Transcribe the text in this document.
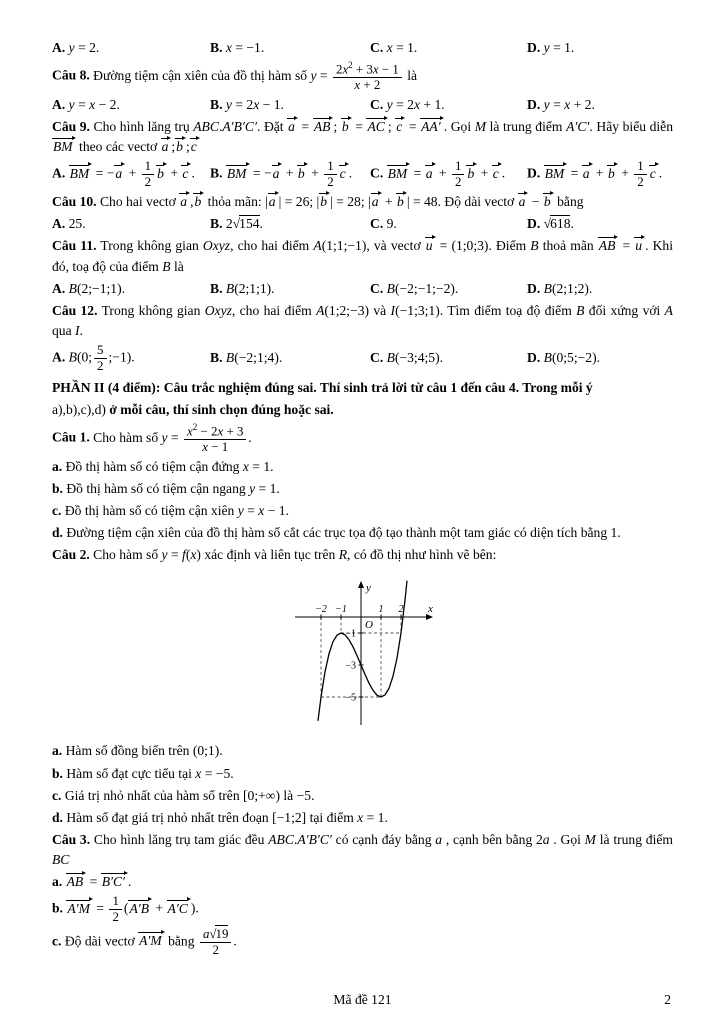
A. y = 2.	B. x = −1.	C. x = 1.	D. y = 1.
Câu 8. Đường tiệm cận xiên của đồ thị hàm số $y = \frac{2x^2 + 3x - 1}{x + 2}$ là
A. y = x − 2.	B. y = 2x − 1.	C. y = 2x + 1.	D. y = x + 2.
Câu 9. Cho hình lăng trụ ABC.A′B′C′. Đặt a = AB ; b = AC ; c = AA′ . Gọi M là trung điểm A′C′. Hãy biểu diễn BM theo các vectơ a ;b ;c
A. BM = $-a + \frac{1}{2}$ b + c .	B. BM = $-a + b + \frac{1}{2}$ c .	C. BM = $a + \frac{1}{2}$ b + c .	D. BM = $a + b + \frac{1}{2}$ c .
Câu 10. Cho hai vectơ a ,b thỏa mãn: |a | = 26; |b | = 28; |a + b | = 48. Độ dài vectơ a − b bằng
A. 25.	B. 2√154.	C. 9.	D. √618.
Câu 11. Trong không gian Oxyz, cho hai điểm A(1;1;−1), và vectơ u = (1;0;3). Điểm B thoả mãn AB = u . Khi đó, toạ độ của điểm B là
A. B(2;−1;1).	B. B(2;1;1).	C. B(−2;−1;−2).	D. B(2;1;2).
Câu 12. Trong không gian Oxyz, cho hai điểm A(1;2;−3) và I(−1;3;1). Tìm điểm toạ độ điểm B đối xứng với A qua I.
A. B(0; $\frac{5}{2}$ ;−1).	B. B(−2;1;4).	C. B(−3;4;5).	D. B(0;5;−2).
PHẦN II (4 điểm): Câu trắc nghiệm đúng sai. Thí sinh trả lời từ câu 1 đến câu 4. Trong mỗi ý
a),b),c),d) ở mỗi câu, thí sinh chọn đúng hoặc sai.
Câu 1. Cho hàm số $y = \frac{x^2 - 2x + 3}{x - 1}$ .
a. Đồ thị hàm số có tiệm cận đứng x = 1.
b. Đồ thị hàm số có tiệm cận ngang y = 1.
c. Đồ thị hàm số có tiệm cận xiên y = x − 1.
d. Đường tiệm cận xiên của đồ thị hàm số cắt các trục tọa độ tạo thành một tam giác có diện tích bằng 1.
Câu 2. Cho hàm số y = f(x) xác định và liên tục trên R, có đồ thị như hình vẽ bên:
−2 −1	1 2
−1
−3
−5
x
y
O
a. Hàm số đồng biến trên (0;1).
b. Hàm số đạt cực tiểu tại x = −5.
c. Giá trị nhỏ nhất của hàm số trên [0;+∞) là −5.
d. Hàm số đạt giá trị nhỏ nhất trên đoạn [−1;2] tại điểm x = 1.
Câu 3. Cho hình lăng trụ tam giác đều ABC.A′B′C′ có cạnh đáy bằng a , cạnh bên bằng 2a . Gọi M là trung điểm BC
a. AB = B′C′ .
b. $A'M = \frac{1}{2} (A'B + A'C$ ).
c. Độ dài vectơ A′M bằng $\frac{a√19}{2}$ .
Mã đề 121	2
